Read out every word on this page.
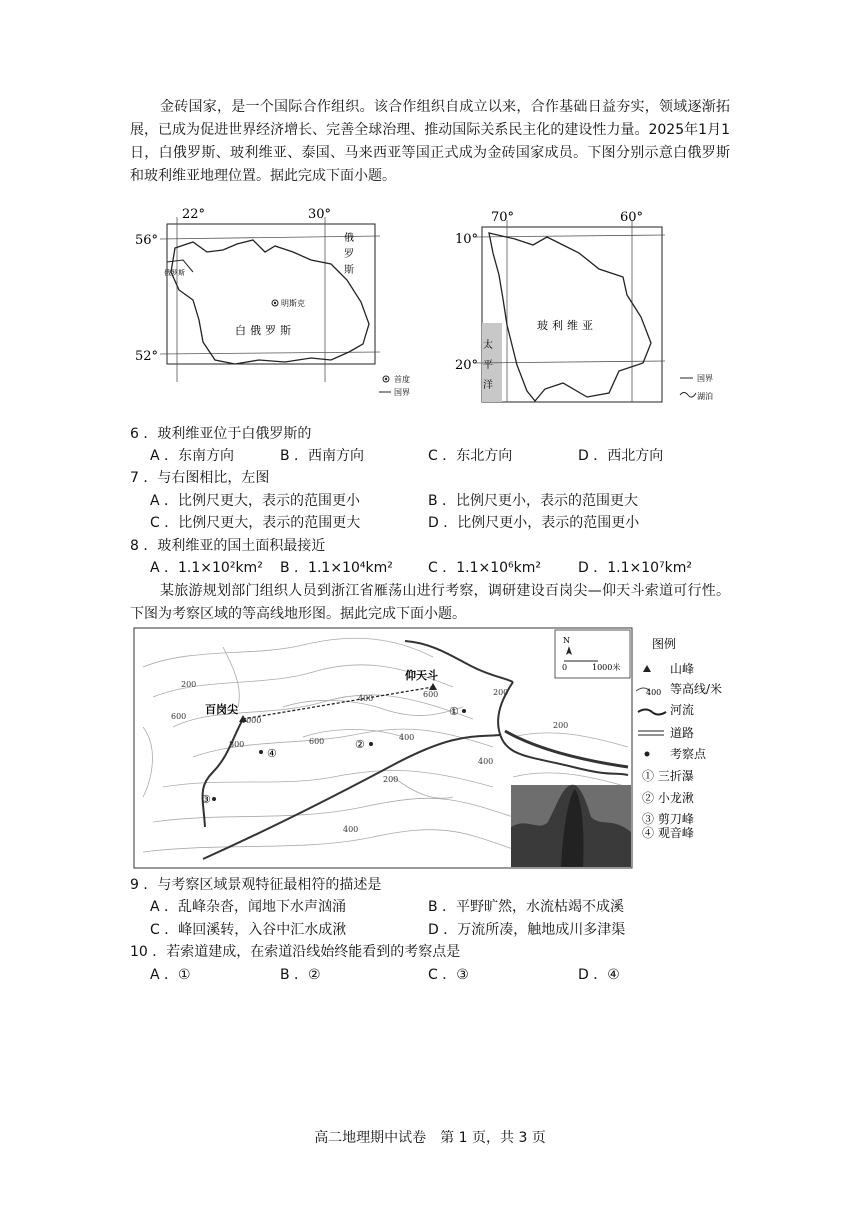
金砖国家，是一个国际合作组织。该合作组织自成立以来，合作基础日益夯实，领域逐渐拓展，已成为促进世界经济增长、完善全球治理、推动国际关系民主化的建设性力量。2025年1月1日，白俄罗斯、玻利维亚、泰国、马来西亚等国正式成为金砖国家成员。下图分别示意白俄罗斯和玻利维亚地理位置。据此完成下面小题。
22°	30°
56°
52°
俄罗斯
俄罗斯
明斯克
白俄罗斯
首度
国界
70°	60°
10°
20° 太平洋
玻利维亚
国界
湖泊
6 ．玻利维亚位于白俄罗斯的
A ．东南方向	B ．西南方向	C ．东北方向	D ．西北方向
7 ．与右图相比，左图
A ．比例尺更大，表示的范围更小	B ．比例尺更小，表示的范围更大
C ．比例尺更大，表示的范围更大	D ．比例尺更小，表示的范围更小
8 ．玻利维亚的国土面积最接近
A ．1.1×10²km² B ．1.1×10⁴km²	C ．1.1×10⁶km²	D ．1.1×10⁷km²
某旅游规划部门组织人员到浙江省雁荡山进行考察，调研建设百岗尖—仰天斗索道可行性。下图为考察区域的等高线地形图。据此完成下面小题。
百岗尖
仰天斗
200
600	1000
400	600
800	600	400
200
400
400
200
200
①
②
③
④
N
0	1000米
图例
山峰
400 等高线/米
河流
道路
考察点
① 三折瀑
② 小龙湫
③ 剪刀峰
④ 观音峰
9 ．与考察区域景观特征最相符的描述是
A ．乱峰杂沓，闻地下水声汹涌	B ．平野旷然，水流枯竭不成溪
C ．峰回溪转，入谷中汇水成湫	D ．万流所凑，触地成川多津渠
10 ．若索道建成，在索道沿线始终能看到的考察点是
A ．①	B ．②	C ．③	D ．④
高二地理期中试卷　第 1 页，共 3 页
